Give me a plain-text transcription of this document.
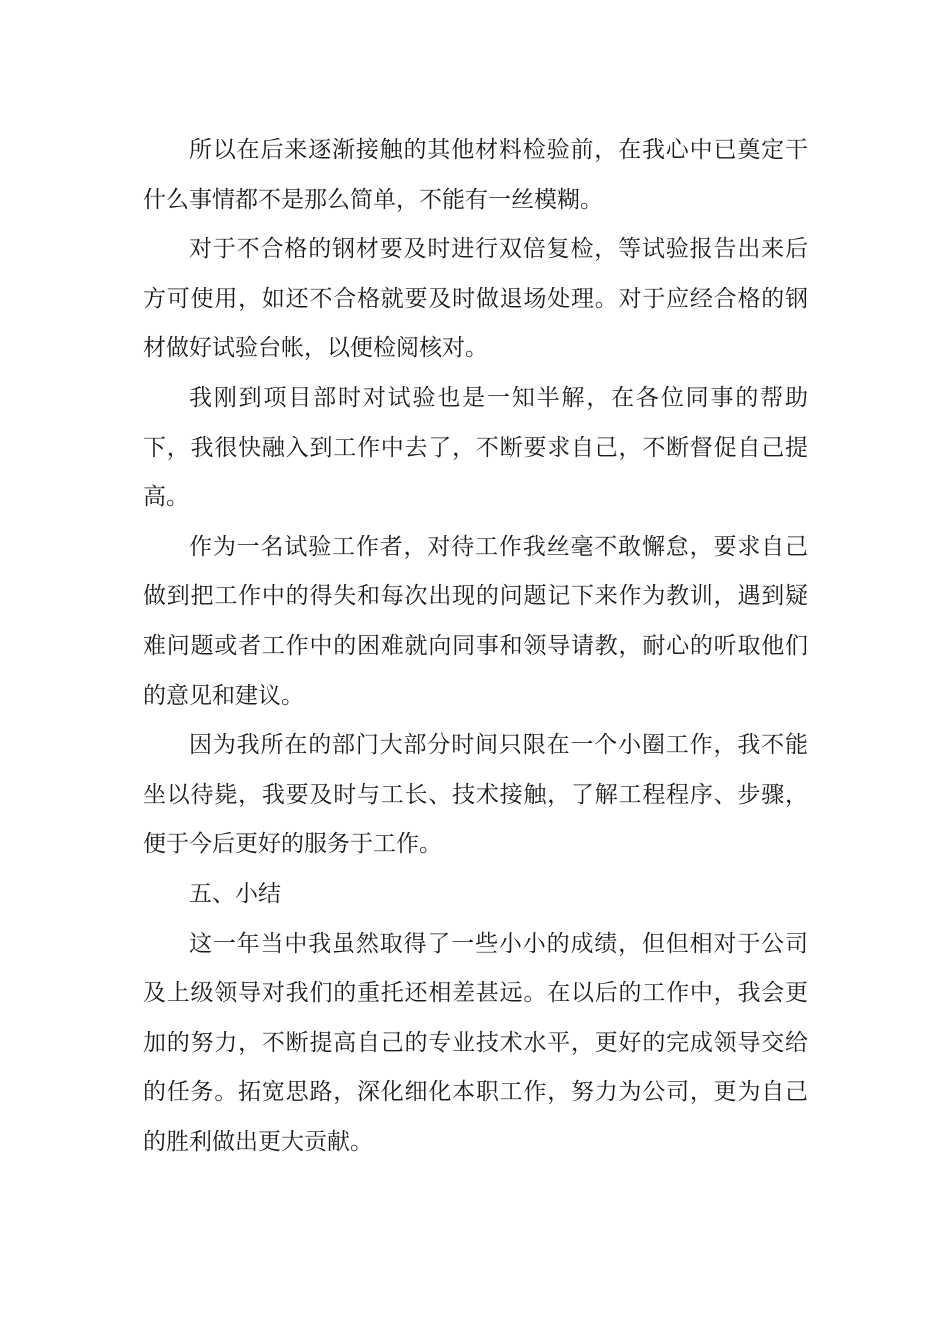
所以在后来逐渐接触的其他材料检验前，在我心中已奠定干什么事情都不是那么简单，不能有一丝模糊。

对于不合格的钢材要及时进行双倍复检，等试验报告出来后方可使用，如还不合格就要及时做退场处理。对于应经合格的钢材做好试验台帐，以便检阅核对。

我刚到项目部时对试验也是一知半解，在各位同事的帮助下，我很快融入到工作中去了，不断要求自己，不断督促自己提高。

作为一名试验工作者，对待工作我丝毫不敢懈怠，要求自己做到把工作中的得失和每次出现的问题记下来作为教训，遇到疑难问题或者工作中的困难就向同事和领导请教，耐心的听取他们的意见和建议。

因为我所在的部门大部分时间只限在一个小圈工作，我不能坐以待毙，我要及时与工长、技术接触，了解工程程序、步骤，便于今后更好的服务于工作。

五、小结

这一年当中我虽然取得了一些小小的成绩，但但相对于公司及上级领导对我们的重托还相差甚远。在以后的工作中，我会更加的努力，不断提高自己的专业技术水平，更好的完成领导交给的任务。拓宽思路，深化细化本职工作，努力为公司，更为自己的胜利做出更大贡献。
